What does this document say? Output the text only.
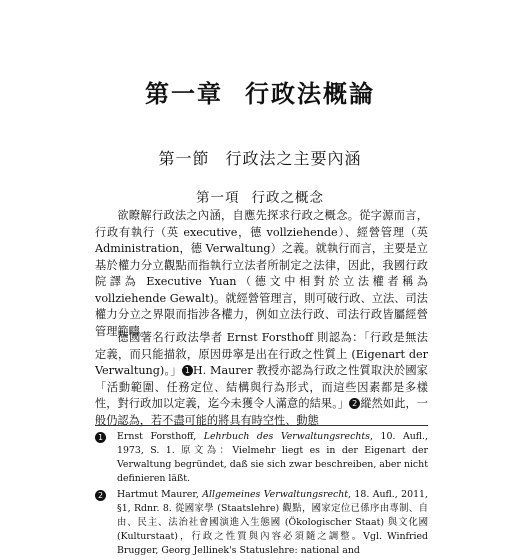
第一章 行政法概論
第一節 行政法之主要內涵
第一項 行政之概念
欲瞭解行政法之內涵，自應先探求行政之概念。從字源而言，行政有執行（英 executive，德 vollziehende）、經營管理（英 Administration，德 Verwaltung）之義。就執行而言，主要是立基於權力分立觀點而指執行立法者所制定之法律，因此，我國行政院譯為 Executive Yuan（德文中相對於立法權者稱為 vollziehende Gewalt)。就經營管理言，則可破行政、立法、司法權力分立之界限而指涉各權力，例如立法行政、司法行政皆屬經營管理範疇。
德國著名行政法學者 Ernst Forsthoff 則認為：「行政是無法定義，而只能描敘，原因毋寧是出在行政之性質上 (Eigenart der Verwaltung)。」 1 H. Maurer 教授亦認為行政之性質取決於國家「活動範圍、任務定位、結構與行為形式，而這些因素都是多樣性，對行政加以定義，迄今未獲令人滿意的結果。」 2 縱然如此，一般仍認為，若不盡可能的將具有時空性、動態
1	Ernst Forsthoff, Lehrbuch des Verwaltungsrechts, 10. Aufl., 1973, S. 1. 原文為：Vielmehr liegt es in der Eigenart der Verwaltung begründet, daß sie sich zwar beschreiben, aber nicht definieren läßt.
2	Hartmut Maurer, Allgemeines Verwaltungsrecht, 18. Aufl., 2011, §1, Rdnr. 8. 從國家學 (Staatslehre) 觀點，國家定位已係序由專制、自由、民主、法治社會國演進入生態國 (Ökologischer Staat) 與文化國 (Kulturstaat)，行政之性質與內容必須隨之調整。Vgl. Winfried Brugger, Georg Jellinek's Statuslehre: national and
